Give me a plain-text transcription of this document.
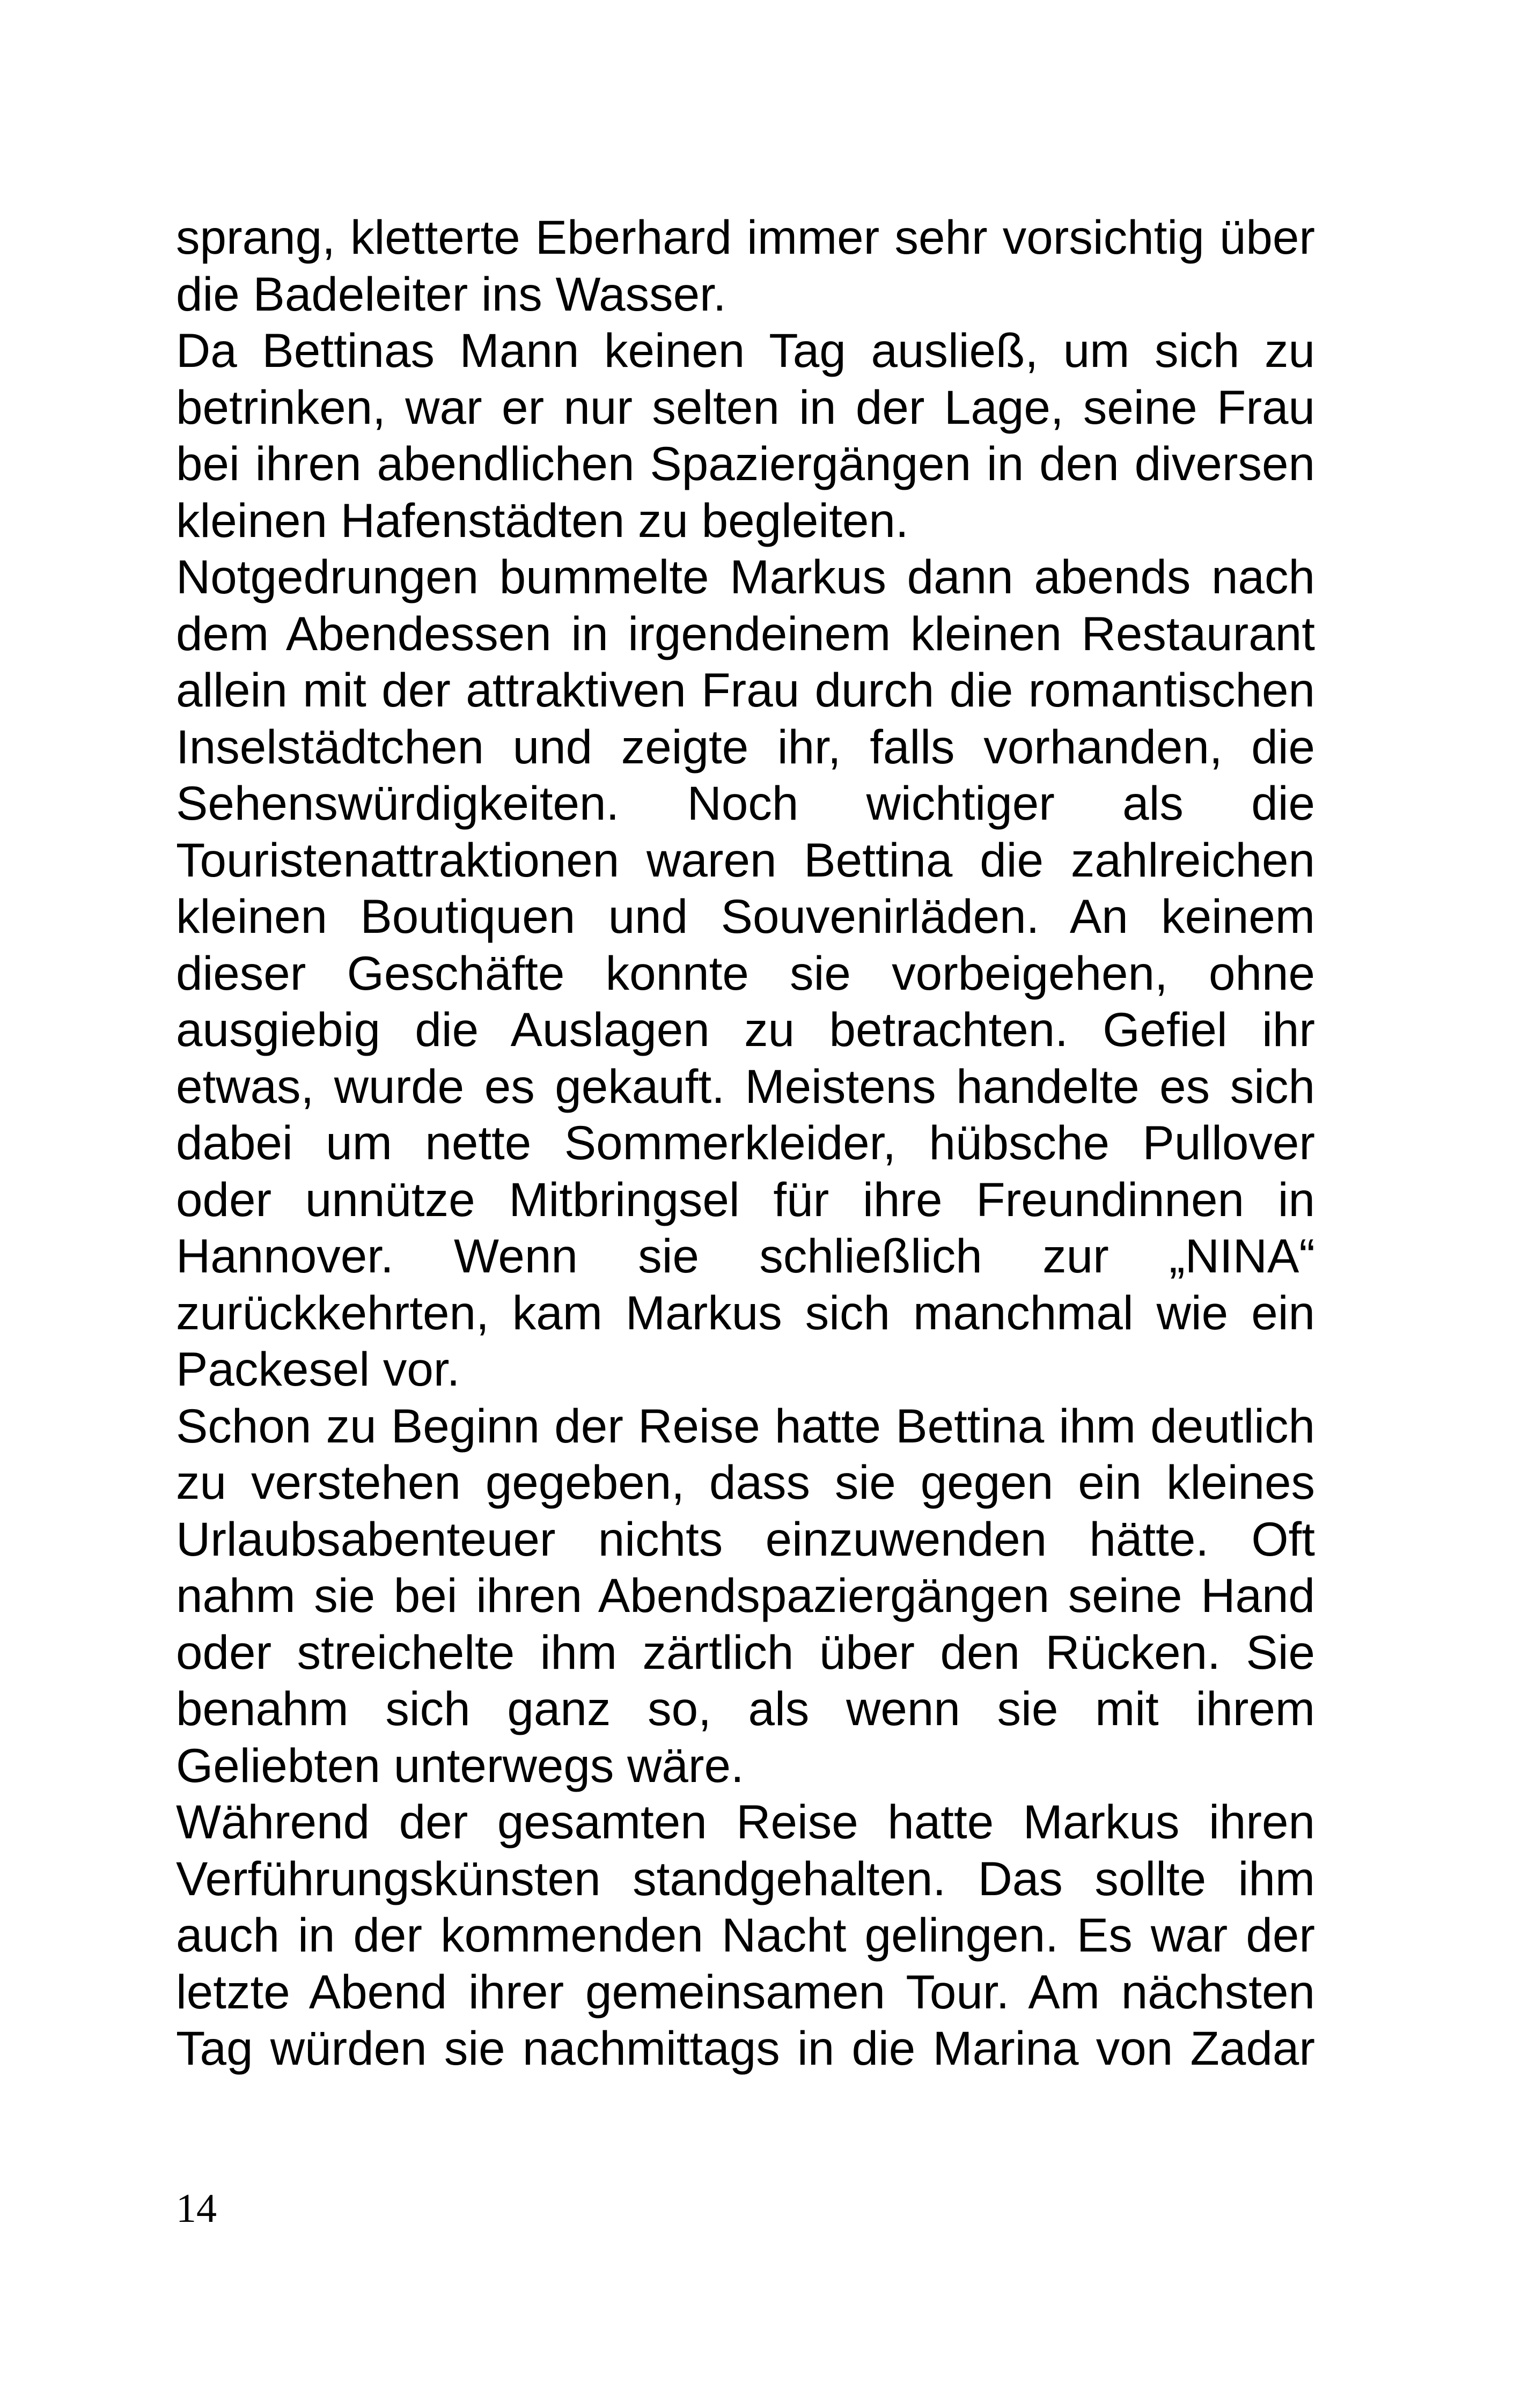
sprang, kletterte Eberhard immer sehr vorsichtig über die Badeleiter ins Wasser.

Da Bettinas Mann keinen Tag ausließ, um sich zu betrinken, war er nur selten in der Lage, seine Frau bei ihren abendlichen Spaziergängen in den diversen kleinen Hafenstädten zu begleiten.

Notgedrungen bummelte Markus dann abends nach dem Abendessen in irgendeinem kleinen Restaurant allein mit der attraktiven Frau durch die romantischen Inselstädtchen und zeigte ihr, falls vorhanden, die Sehenswürdigkeiten. Noch wichtiger als die Touristenattraktionen waren Bettina die zahlreichen kleinen Boutiquen und Souvenirläden. An keinem dieser Geschäfte konnte sie vorbeigehen, ohne ausgiebig die Auslagen zu betrachten. Gefiel ihr etwas, wurde es gekauft. Meistens handelte es sich dabei um nette Sommerkleider, hübsche Pullover oder unnütze Mitbringsel für ihre Freundinnen in Hannover. Wenn sie schließlich zur „NINA“ zurückkehrten, kam Markus sich manchmal wie ein Packesel vor.

Schon zu Beginn der Reise hatte Bettina ihm deutlich zu verstehen gegeben, dass sie gegen ein kleines Urlaubsabenteuer nichts einzuwenden hätte. Oft nahm sie bei ihren Abendspaziergängen seine Hand oder streichelte ihm zärtlich über den Rücken. Sie benahm sich ganz so, als wenn sie mit ihrem Geliebten unterwegs wäre.

Während der gesamten Reise hatte Markus ihren Verführungskünsten standgehalten. Das sollte ihm auch in der kommenden Nacht gelingen. Es war der letzte Abend ihrer gemeinsamen Tour. Am nächsten Tag würden sie nachmittags in die Marina von Zadar

14
